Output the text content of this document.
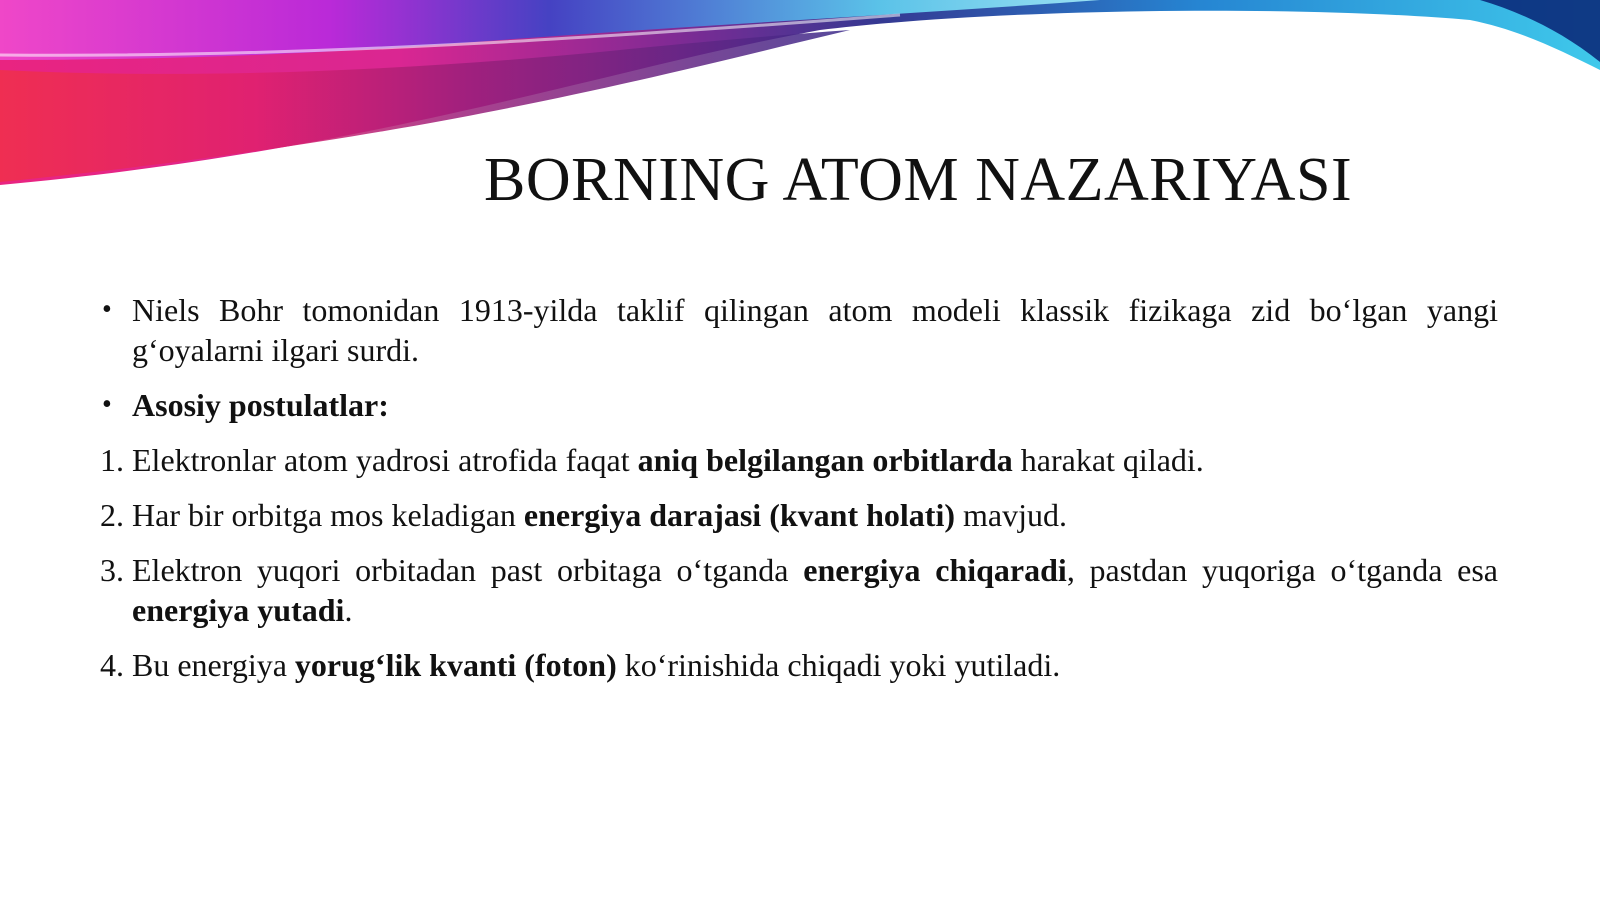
BORNING ATOM NAZARIYASI
• Niels Bohr tomonidan 1913-yilda taklif qilingan atom modeli klassik fizikaga zid bo‘lgan yangi g‘oyalarni ilgari surdi.
• Asosiy postulatlar:
1. Elektronlar atom yadrosi atrofida faqat aniq belgilangan orbitlarda harakat qiladi.
2. Har bir orbitga mos keladigan energiya darajasi (kvant holati) mavjud.
3. Elektron yuqori orbitadan past orbitaga o‘tganda energiya chiqaradi, pastdan yuqoriga o‘tganda esa energiya yutadi.
4. Bu energiya yorug‘lik kvanti (foton) ko‘rinishida chiqadi yoki yutiladi.
